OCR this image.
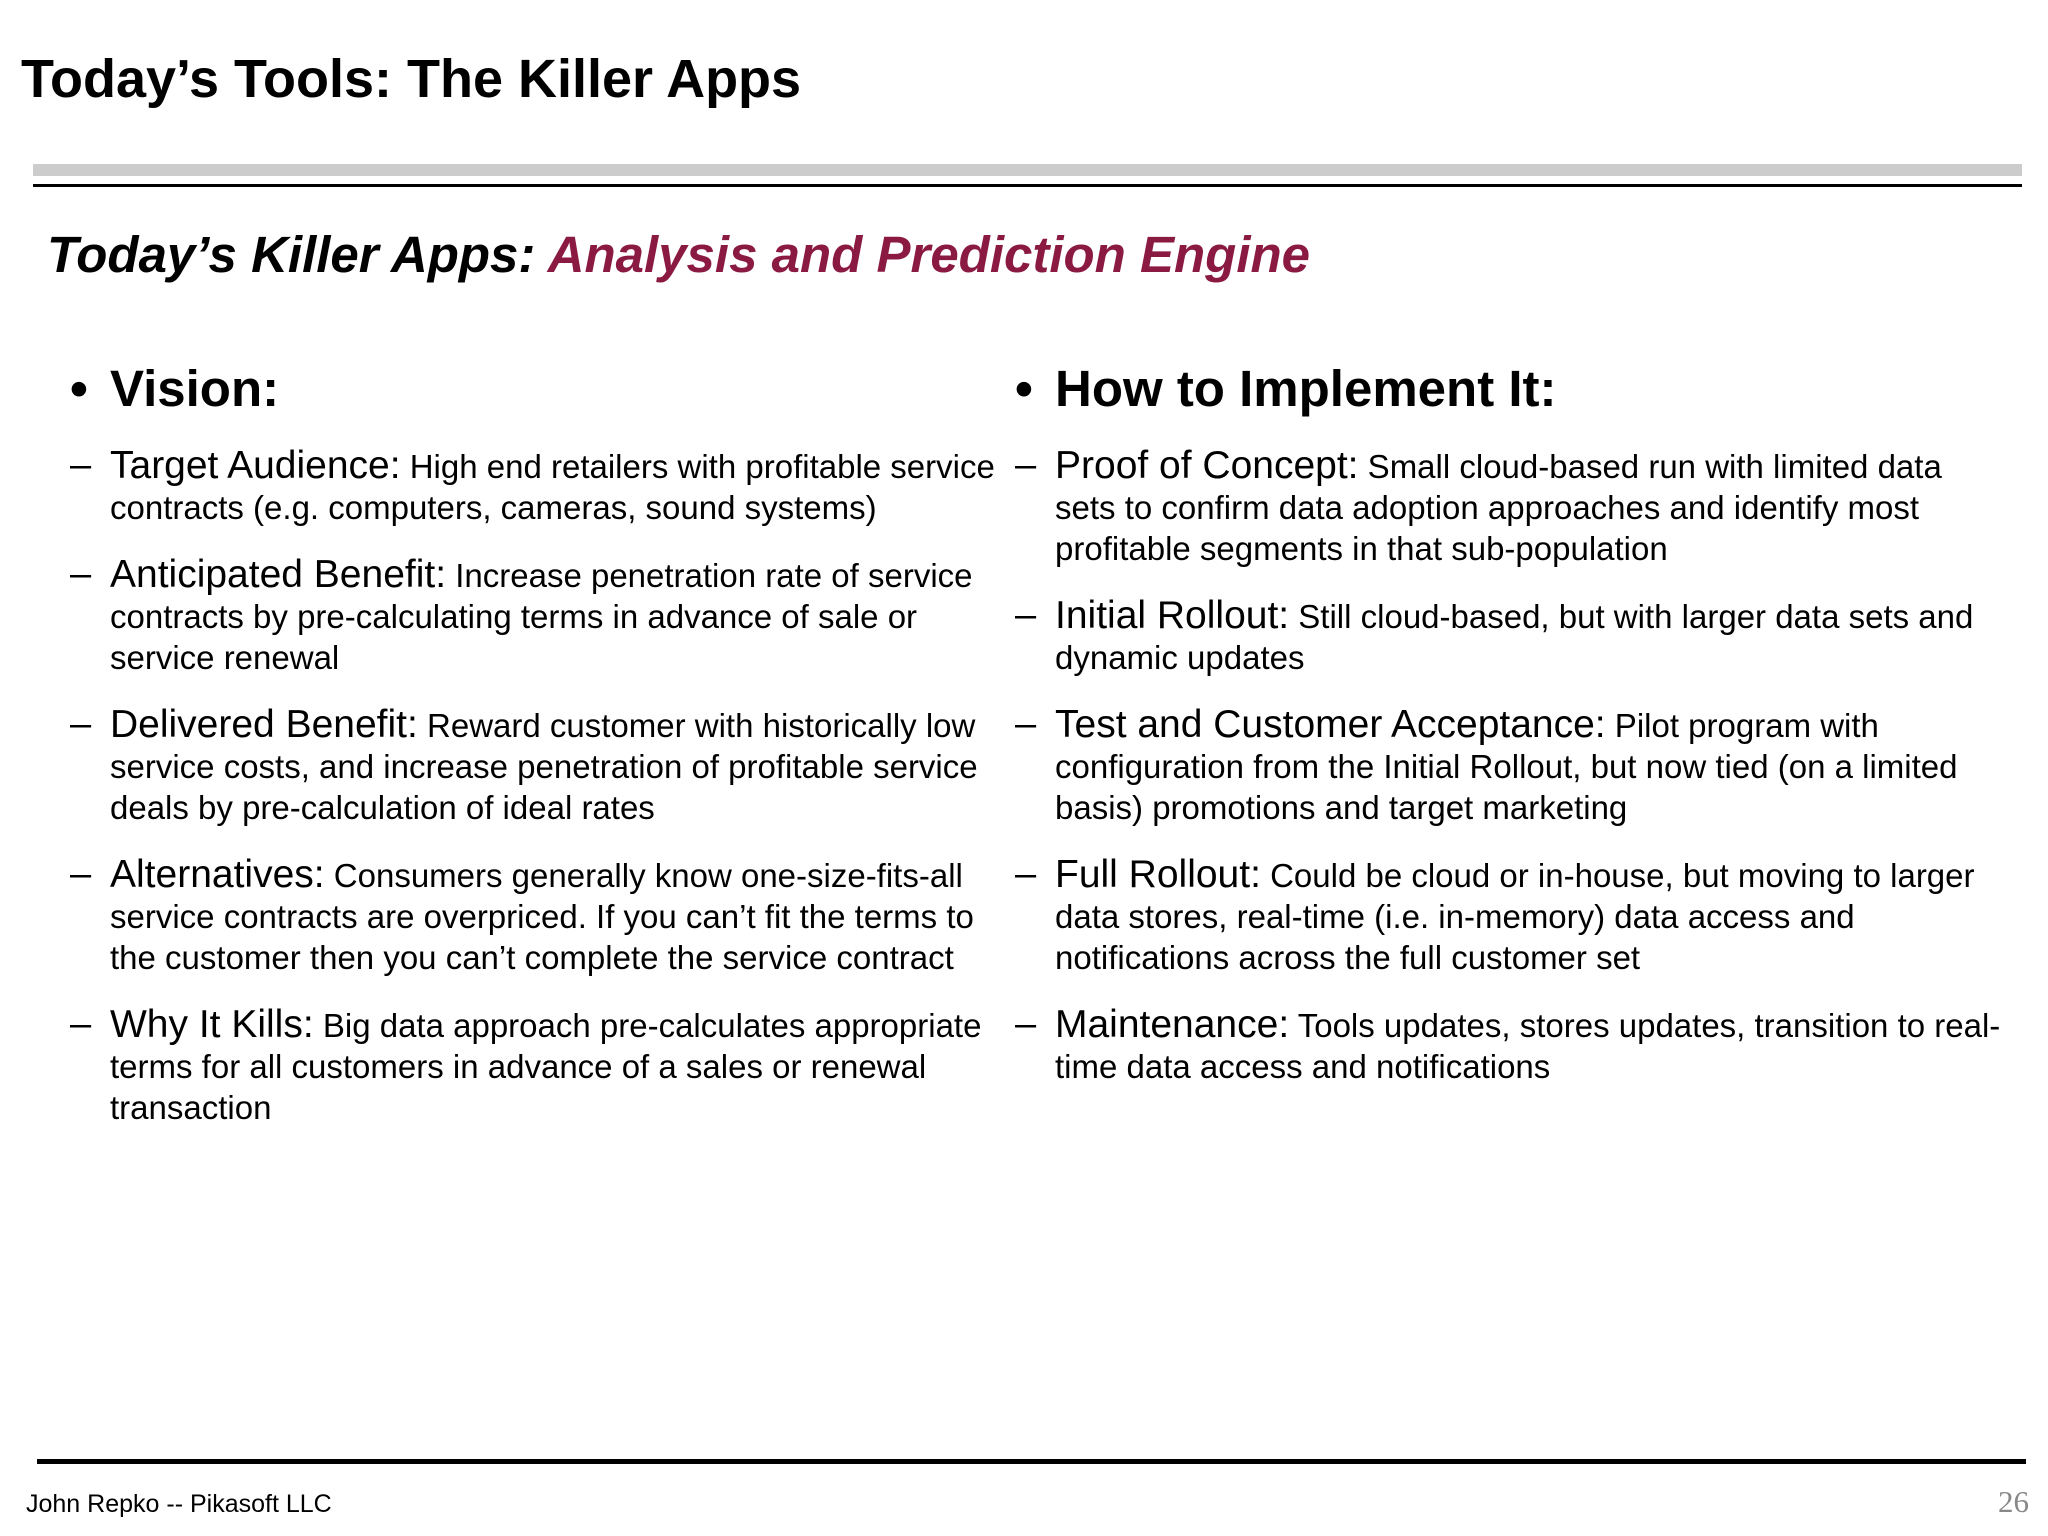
Today’s Tools: The Killer Apps
Today’s Killer Apps: Analysis and Prediction Engine
• Vision:
– Target Audience: High end retailers with profitable service contracts (e.g. computers, cameras, sound systems)
– Anticipated Benefit: Increase penetration rate of service contracts by pre-calculating terms in advance of sale or service renewal
– Delivered Benefit: Reward customer with historically low service costs, and increase penetration of profitable service deals by pre-calculation of ideal rates
– Alternatives: Consumers generally know one-size-fits-all service contracts are overpriced. If you can’t fit the terms to the customer then you can’t complete the service contract
– Why It Kills: Big data approach pre-calculates appropriate terms for all customers in advance of a sales or renewal transaction
• How to Implement It:
– Proof of Concept: Small cloud-based run with limited data sets to confirm data adoption approaches and identify most profitable segments in that sub-population
– Initial Rollout: Still cloud-based, but with larger data sets and dynamic updates
– Test and Customer Acceptance: Pilot program with configuration from the Initial Rollout, but now tied (on a limited basis) promotions and target marketing
– Full Rollout: Could be cloud or in-house, but moving to larger data stores, real-time (i.e. in-memory) data access and notifications across the full customer set
– Maintenance: Tools updates, stores updates, transition to real-time data access and notifications
John Repko -- Pikasoft LLC	26
